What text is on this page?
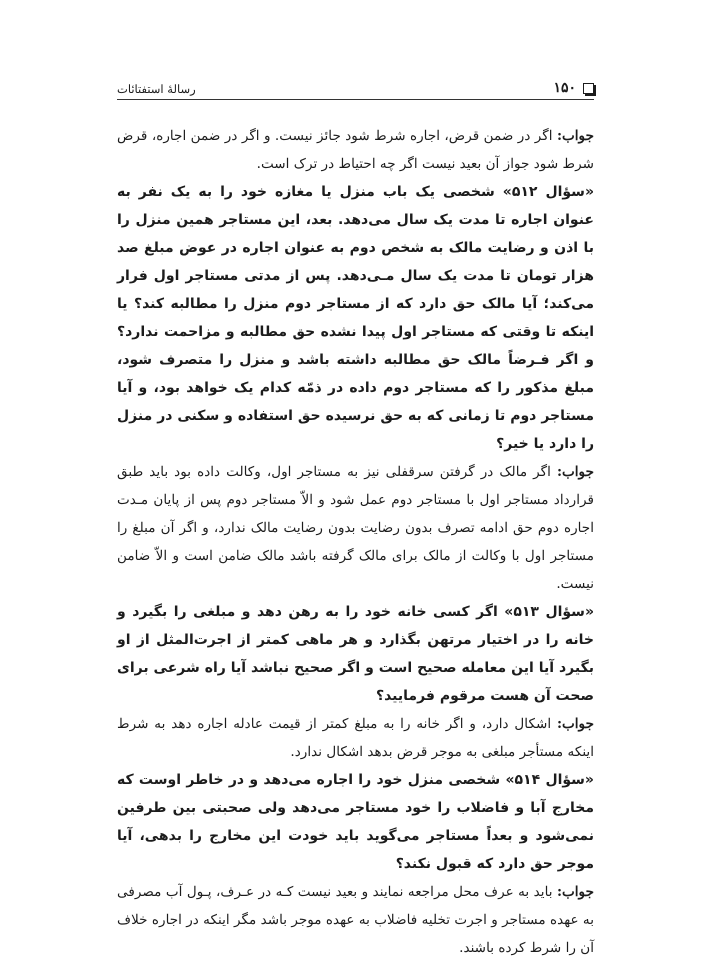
۱۵۰
رسالهٔ استفتائات

جواب: اگر در ضمن قرض، اجاره شرط شود جائز نیست. و اگر در ضمن اجاره، قرض شرط شود جواز آن بعید نیست اگر چه احتیاط در ترک است.

«سؤال ۵۱۲» شخصی یک باب منزل یا مغازه خود را به یک نفر به عنوان اجاره تا مدت یک سال می‌دهد. بعد، این مستاجر همین منزل را با اذن و رضایت مالک به شخص دوم به عنوان اجاره در عوض مبلغ صد هزار تومان تا مدت یک سال مـی‌دهد. پس از مدتی مستاجر اول فرار می‌کند؛ آیا مالک حق دارد که از مستاجر دوم منزل را مطالبه کند؟ یا اینکه تا وقتی که مستاجر اول پیدا نشده حق مطالبه و مزاحمت ندارد؟ و اگر فـرضاً مالک حق مطالبه داشته باشد و منزل را متصرف شود، مبلغ مذکور را که مستاجر دوم داده در ذمّه کدام یک خواهد بود، و آیا مستاجر دوم تا زمانی که به حق نرسیده حق استفاده و سکنی در منزل را دارد یا خیر؟

جواب: اگر مالک در گرفتن سرقفلی نیز به مستاجر اول، وکالت داده بود باید طبق قرارداد مستاجر اول با مستاجر دوم عمل شود و الاّ مستاجر دوم پس از پایان مـدت اجاره دوم حق ادامه تصرف بدون رضایت بدون رضایت مالک ندارد، و اگر آن مبلغ را مستاجر اول با وکالت از مالک برای مالک گرفته باشد مالک ضامن است و الاّ ضامن نیست.

«سؤال ۵۱۳» اگر کسی خانه خود را به رهن دهد و مبلغی را بگیرد و خانه را در اختیار مرتهن بگذارد و هر ماهی کمتر از اجرت‌المثل از او بگیرد آیا این معامله صحیح است و اگر صحیح نباشد آیا راه شرعی برای صحت آن هست مرقوم فرمایید؟

جواب: اشکال دارد، و اگر خانه را به مبلغ کمتر از قیمت عادله اجاره دهد به شرط اینکه مستأجر مبلغی به موجر قرض بدهد اشکال ندارد.

«سؤال ۵۱۴» شخصی منزل خود را اجاره می‌دهد و در خاطر اوست که مخارج آبا و فاضلاب را خود مستاجر می‌دهد ولی صحبتی بین طرفین نمی‌شود و بعداً مستاجر می‌گوید باید خودت این مخارج را بدهی، آیا موجر حق دارد که قبول نکند؟

جواب: باید به عرف محل مراجعه نمایند و بعید نیست کـه در عـرف، پـول آب مصرفی به عهده مستاجر و اجرت تخلیه فاضلاب به عهده موجر باشد مگر اینکه در اجاره خلاف آن را شرط کرده باشند.
